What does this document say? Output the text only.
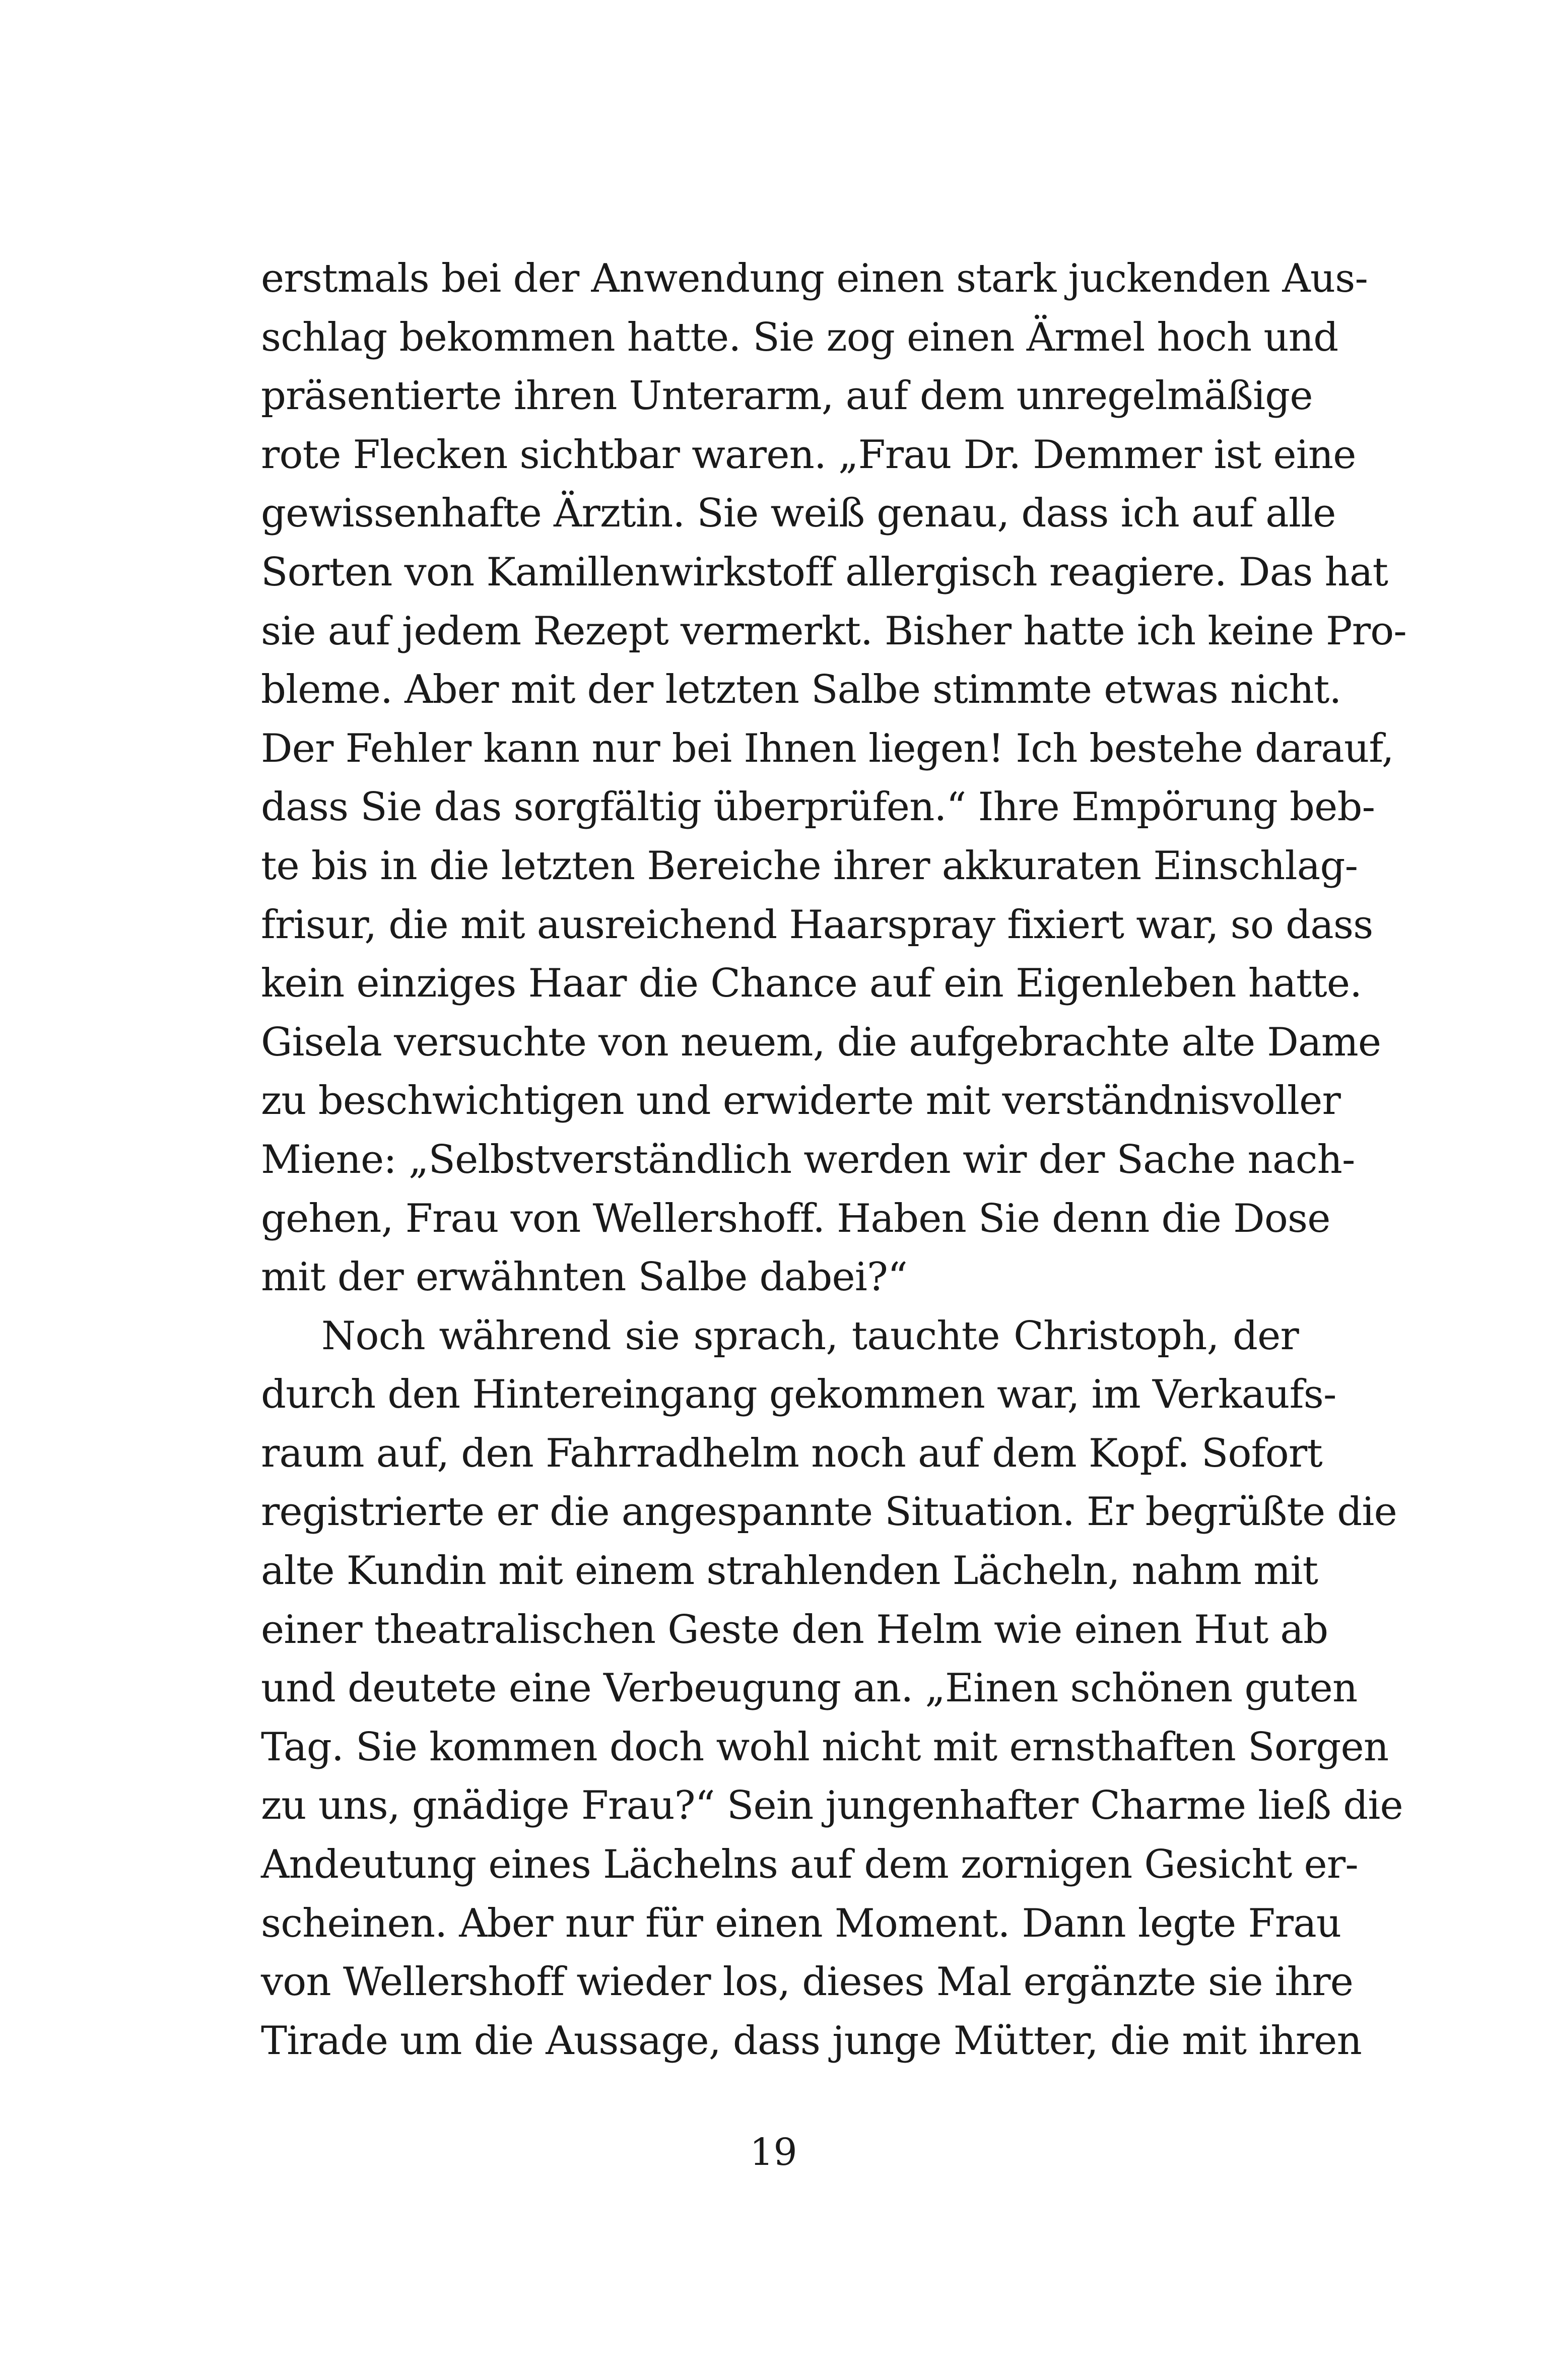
erstmals bei der Anwendung einen stark juckenden Aus-
schlag bekommen hatte. Sie zog einen Ärmel hoch und
präsentierte ihren Unterarm, auf dem unregelmäßige
rote Flecken sichtbar waren. „Frau Dr. Demmer ist eine
gewissenhafte Ärztin. Sie weiß genau, dass ich auf alle
Sorten von Kamillenwirkstoff allergisch reagiere. Das hat
sie auf jedem Rezept vermerkt. Bisher hatte ich keine Pro-
bleme. Aber mit der letzten Salbe stimmte etwas nicht.
Der Fehler kann nur bei Ihnen liegen! Ich bestehe darauf,
dass Sie das sorgfältig überprüfen.“ Ihre Empörung beb-
te bis in die letzten Bereiche ihrer akkuraten Einschlag-
frisur, die mit ausreichend Haarspray fixiert war, so dass
kein einziges Haar die Chance auf ein Eigenleben hatte.
Gisela versuchte von neuem, die aufgebrachte alte Dame
zu beschwichtigen und erwiderte mit verständnisvoller
Miene: „Selbstverständlich werden wir der Sache nach-
gehen, Frau von Wellershoff. Haben Sie denn die Dose
mit der erwähnten Salbe dabei?“
Noch während sie sprach, tauchte Christoph, der
durch den Hintereingang gekommen war, im Verkaufs-
raum auf, den Fahrradhelm noch auf dem Kopf. Sofort
registrierte er die angespannte Situation. Er begrüßte die
alte Kundin mit einem strahlenden Lächeln, nahm mit
einer theatralischen Geste den Helm wie einen Hut ab
und deutete eine Verbeugung an. „Einen schönen guten
Tag. Sie kommen doch wohl nicht mit ernsthaften Sorgen
zu uns, gnädige Frau?“ Sein jungenhafter Charme ließ die
Andeutung eines Lächelns auf dem zornigen Gesicht er-
scheinen. Aber nur für einen Moment. Dann legte Frau
von Wellershoff wieder los, dieses Mal ergänzte sie ihre
Tirade um die Aussage, dass junge Mütter, die mit ihren
19
